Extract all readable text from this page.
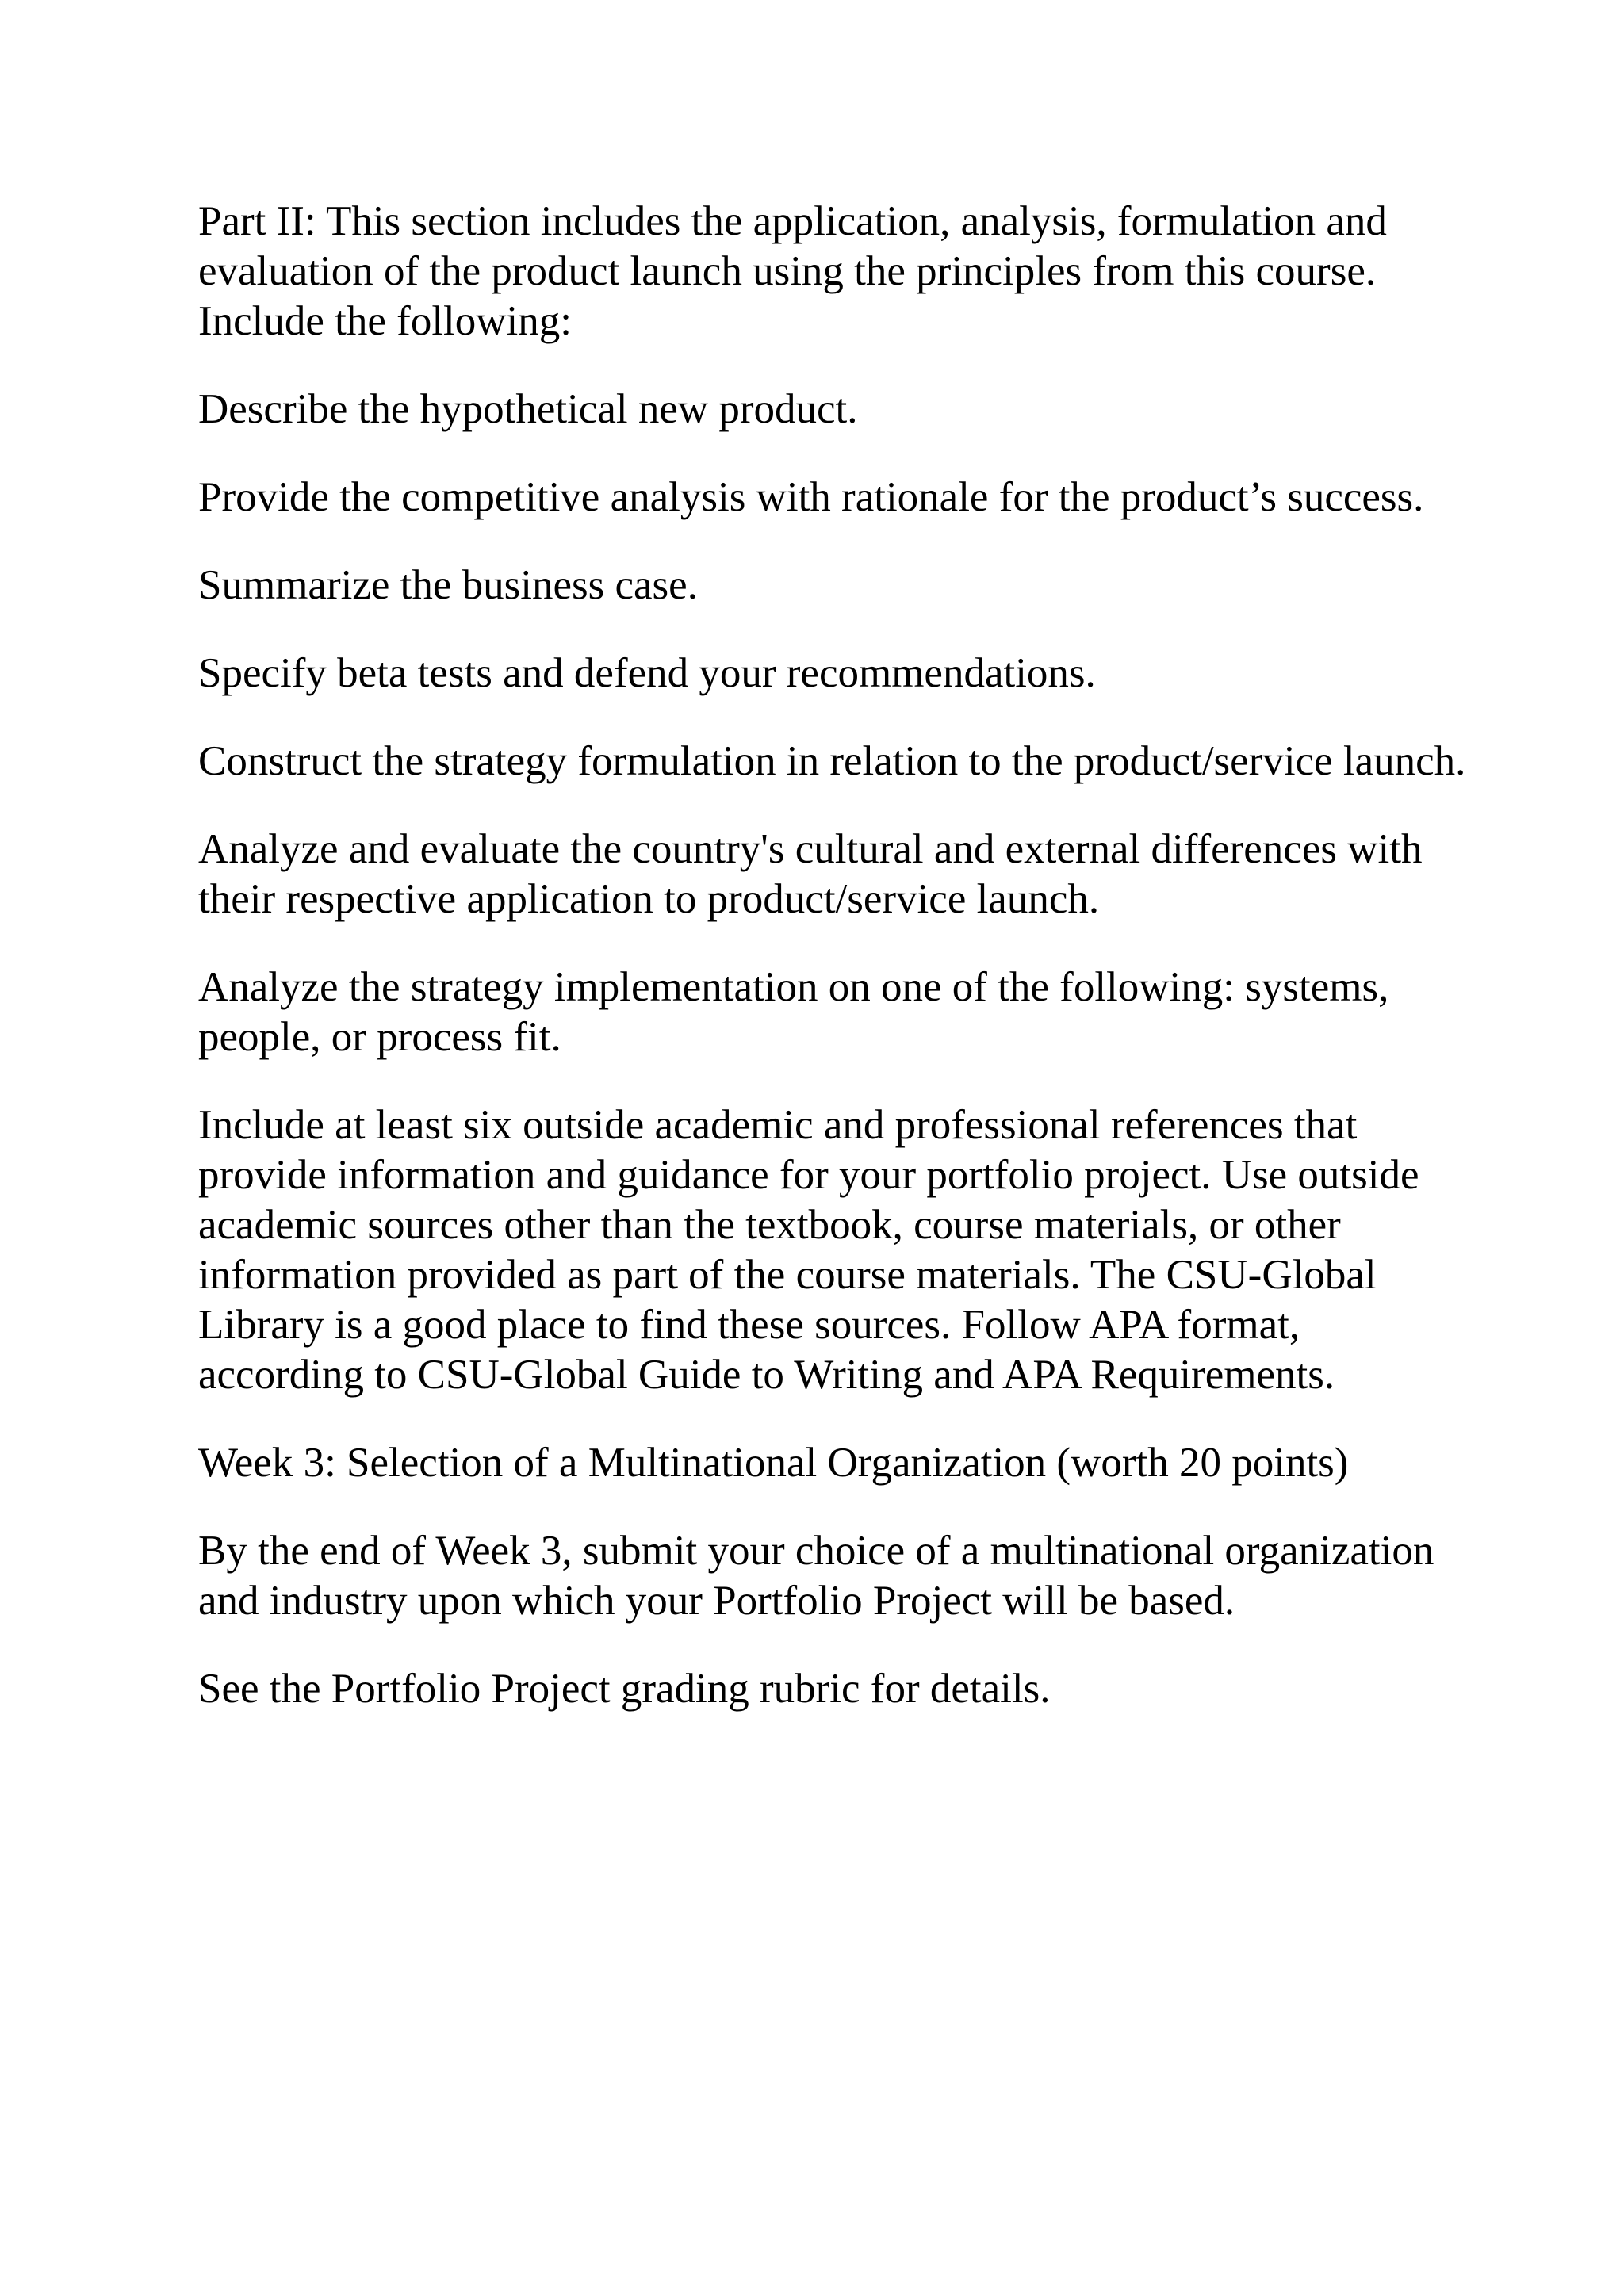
Part II: This section includes the application, analysis, formulation and evaluation of the product launch using the principles from this course. Include the following:

Describe the hypothetical new product.

Provide the competitive analysis with rationale for the product’s success.

Summarize the business case.

Specify beta tests and defend your recommendations.

Construct the strategy formulation in relation to the product/service launch.

Analyze and evaluate the country's cultural and external differences with their respective application to product/service launch.

Analyze the strategy implementation on one of the following: systems, people, or process fit.

Include at least six outside academic and professional references that provide information and guidance for your portfolio project. Use outside academic sources other than the textbook, course materials, or other information provided as part of the course materials. The CSU-Global Library is a good place to find these sources. Follow APA format, according to CSU-Global Guide to Writing and APA Requirements.

Week 3: Selection of a Multinational Organization (worth 20 points)

By the end of Week 3, submit your choice of a multinational organization and industry upon which your Portfolio Project will be based.

See the Portfolio Project grading rubric for details.
